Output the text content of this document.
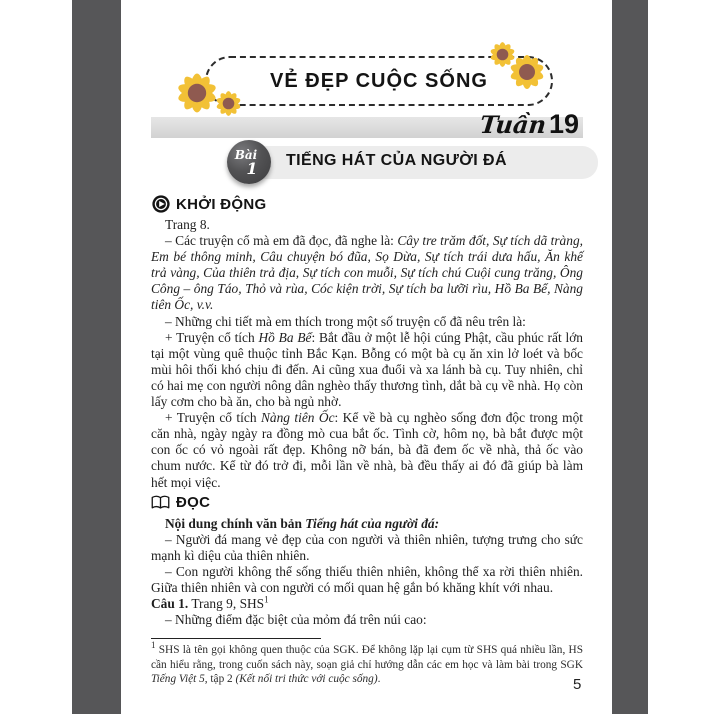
VẺ ĐẸP CUỘC SỐNG
Tuần 19
Bài
1 TIẾNG HÁT CỦA NGƯỜI ĐÁ
KHỞI ĐỘNG

Trang 8.

– Các truyện cổ mà em đã đọc, đã nghe là: Cây tre trăm đốt, Sự tích dã tràng, Em bé thông minh, Câu chuyện bó đũa, Sọ Dừa, Sự tích trái dưa hấu, Ăn khế trả vàng, Của thiên trả địa, Sự tích con muỗi, Sự tích chú Cuội cung trăng, Ông Công – ông Táo, Thỏ và rùa, Cóc kiện trời, Sự tích ba lưỡi rìu, Hồ Ba Bể, Nàng tiên Ốc, v.v.

– Những chi tiết mà em thích trong một số truyện cổ đã nêu trên là:

+ Truyện cổ tích Hồ Ba Bể: Bắt đầu ở một lễ hội cúng Phật, cầu phúc rất lớn tại một vùng quê thuộc tỉnh Bắc Kạn. Bỗng có một bà cụ ăn xin lở loét và bốc mùi hôi thối khó chịu đi đến. Ai cũng xua đuổi và xa lánh bà cụ. Tuy nhiên, chỉ có hai mẹ con người nông dân nghèo thấy thương tình, dắt bà cụ về nhà. Họ còn lấy cơm cho bà ăn, cho bà ngủ nhờ.

+ Truyện cổ tích Nàng tiên Ốc: Kể về bà cụ nghèo sống đơn độc trong một căn nhà, ngày ngày ra đồng mò cua bắt ốc. Tình cờ, hôm nọ, bà bắt được một con ốc có vỏ ngoài rất đẹp. Không nỡ bán, bà đã đem ốc về nhà, thả ốc vào chum nước. Kể từ đó trở đi, mỗi lần về nhà, bà đều thấy ai đó đã giúp bà làm hết mọi việc.

ĐỌC

Nội dung chính văn bản Tiếng hát của người đá:

– Người đá mang vẻ đẹp của con người và thiên nhiên, tượng trưng cho sức mạnh kì diệu của thiên nhiên.

– Con người không thể sống thiếu thiên nhiên, không thể xa rời thiên nhiên. Giữa thiên nhiên và con người có mối quan hệ gắn bó khăng khít với nhau.

Câu 1. Trang 9, SHS$^1$

– Những điểm đặc biệt của mỏm đá trên núi cao:

$^1$ SHS là tên gọi không quen thuộc của SGK. Để không lặp lại cụm từ SHS quá nhiều lần, HS cần hiểu rằng, trong cuốn sách này, soạn giả chỉ hướng dẫn các em học và làm bài trong SGK Tiếng Việt 5, tập 2 (Kết nối tri thức với cuộc sống).	5
